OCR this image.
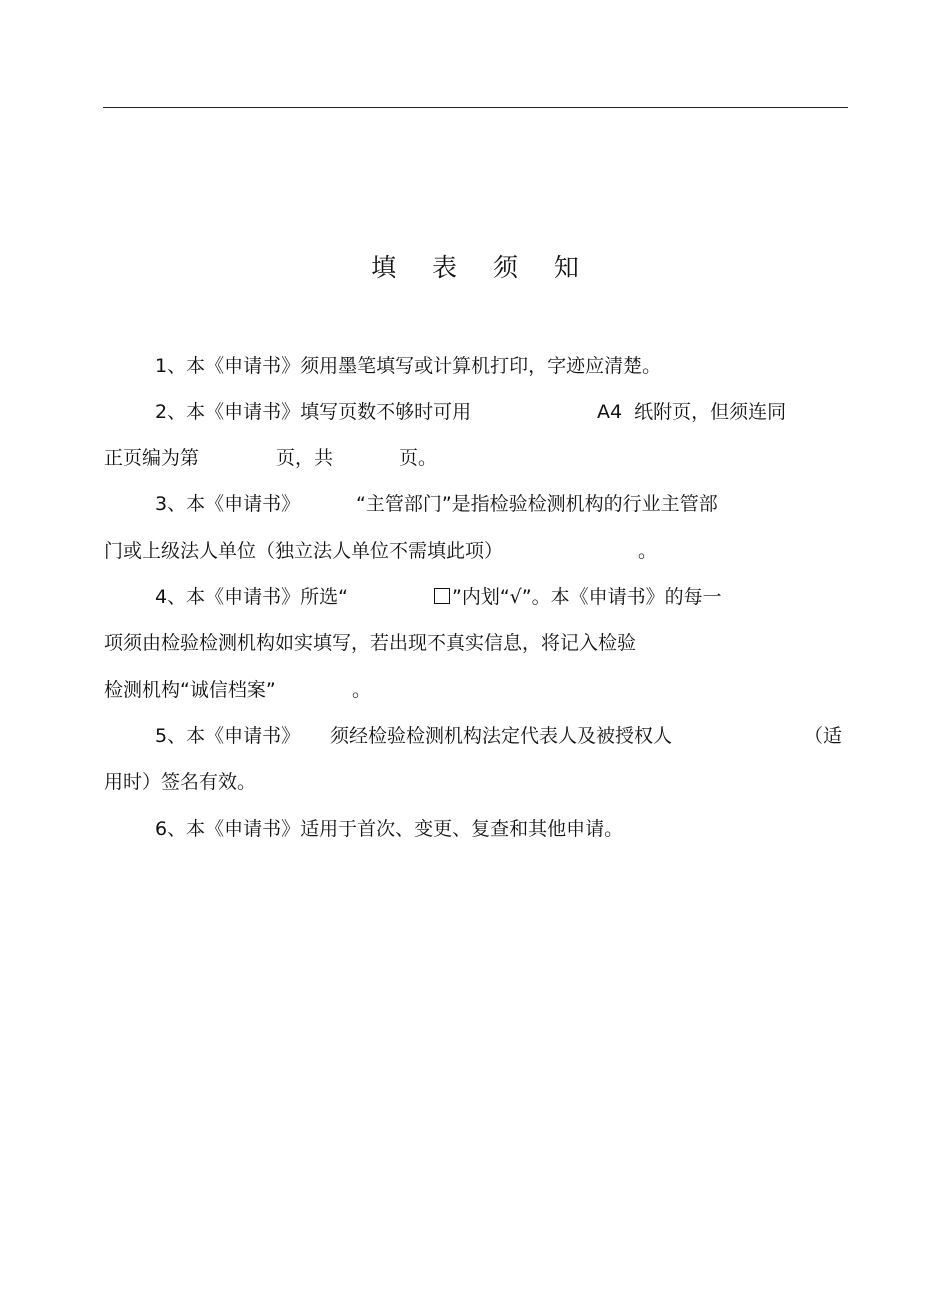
填 表 须 知
1、本《申请书》须用墨笔填写或计算机打印，字迹应清楚。
2、本《申请书》填写页数不够时可用	A4  纸附页，但须连同
正页编为第	页，共	页。
3、本《申请书》	“主管部门”是指检验检测机构的行业主管部
门或上级法人单位（独立法人单位不需填此项）	。
4、本《申请书》所选“	”内划“√”。本《申请书》的每一
项须由检验检测机构如实填写，若出现不真实信息，将记入检验
检测机构“诚信档案”	。
5、本《申请书》 须经检验检测机构法定代表人及被授权人	（适
用时）签名有效。
6、本《申请书》适用于首次、变更、复查和其他申请。
